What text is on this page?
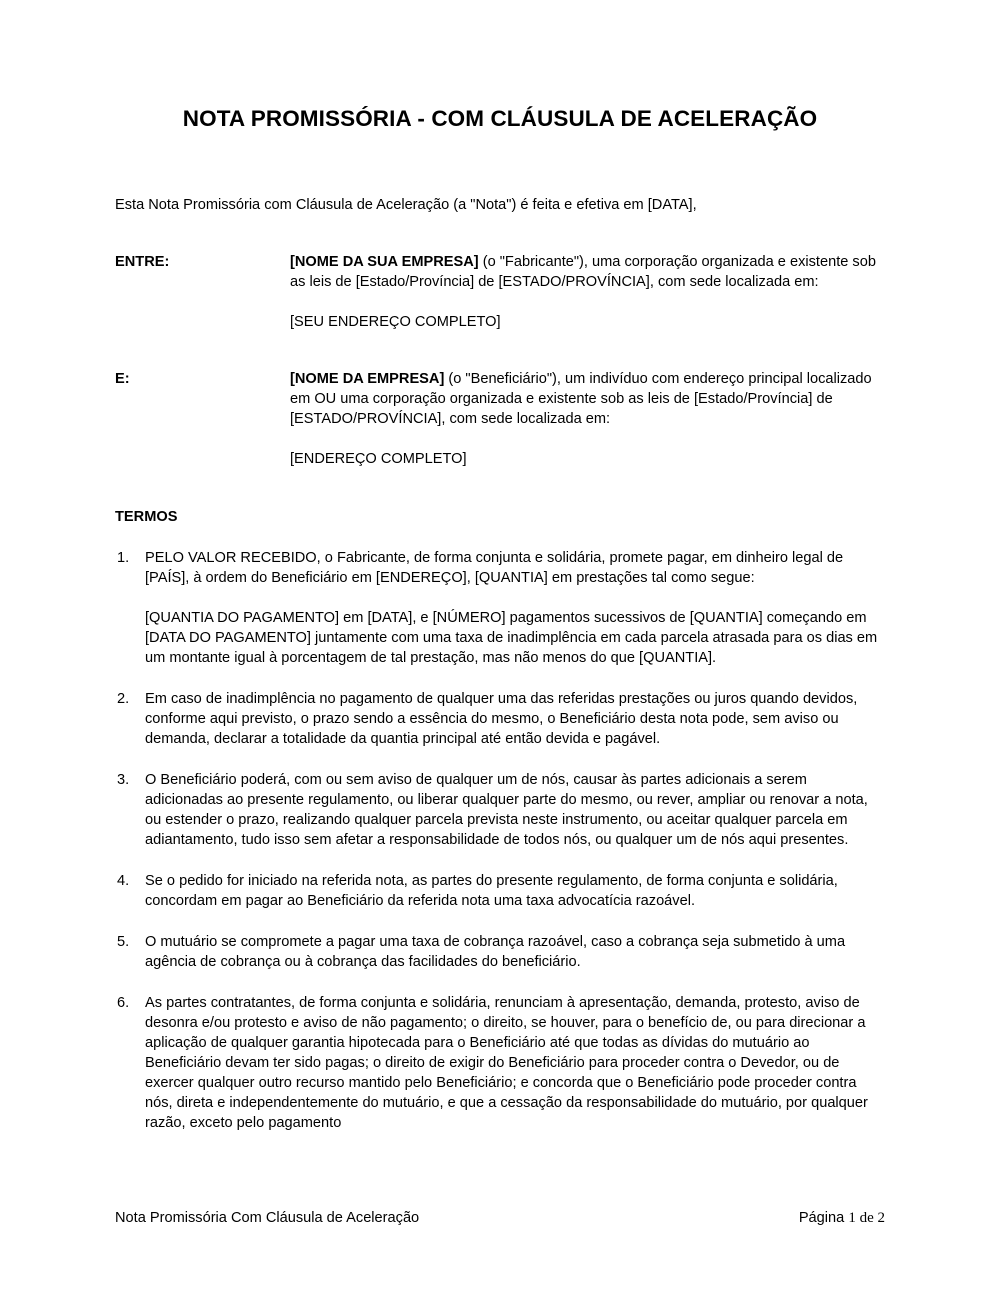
NOTA PROMISSÓRIA - COM CLÁUSULA DE ACELERAÇÃO

Esta Nota Promissória com Cláusula de Aceleração (a "Nota") é feita e efetiva em [DATA],

ENTRE:	[NOME DA SUA EMPRESA] (o "Fabricante"), uma corporação organizada e existente sob as leis de [Estado/Província] de [ESTADO/PROVÍNCIA], com sede localizada em:

[SEU ENDEREÇO COMPLETO]

E:	[NOME DA EMPRESA] (o "Beneficiário"), um indivíduo com endereço principal localizado em OU uma corporação organizada e existente sob as leis de [Estado/Província] de [ESTADO/PROVÍNCIA], com sede localizada em:

[ENDEREÇO COMPLETO]

TERMOS
1.	PELO VALOR RECEBIDO, o Fabricante, de forma conjunta e solidária, promete pagar, em dinheiro legal de [PAÍS], à ordem do Beneficiário em [ENDEREÇO], [QUANTIA] em prestações tal como segue:

[QUANTIA DO PAGAMENTO] em [DATA], e [NÚMERO] pagamentos sucessivos de [QUANTIA] começando em [DATA DO PAGAMENTO] juntamente com uma taxa de inadimplência em cada parcela atrasada para os dias em um montante igual à porcentagem de tal prestação, mas não menos do que [QUANTIA].

2.	Em caso de inadimplência no pagamento de qualquer uma das referidas prestações ou juros quando devidos, conforme aqui previsto, o prazo sendo a essência do mesmo, o Beneficiário desta nota pode, sem aviso ou demanda, declarar a totalidade da quantia principal até então devida e pagável.

3.	O Beneficiário poderá, com ou sem aviso de qualquer um de nós, causar às partes adicionais a serem adicionadas ao presente regulamento, ou liberar qualquer parte do mesmo, ou rever, ampliar ou renovar a nota, ou estender o prazo, realizando qualquer parcela prevista neste instrumento, ou aceitar qualquer parcela em adiantamento, tudo isso sem afetar a responsabilidade de todos nós, ou qualquer um de nós aqui presentes.

4.	Se o pedido for iniciado na referida nota, as partes do presente regulamento, de forma conjunta e solidária, concordam em pagar ao Beneficiário da referida nota uma taxa advocatícia razoável.

5.	O mutuário se compromete a pagar uma taxa de cobrança razoável, caso a cobrança seja submetido à uma agência de cobrança ou à cobrança das facilidades do beneficiário.

6.	As partes contratantes, de forma conjunta e solidária, renunciam à apresentação, demanda, protesto, aviso de desonra e/ou protesto e aviso de não pagamento; o direito, se houver, para o benefício de, ou para direcionar a aplicação de qualquer garantia hipotecada para o Beneficiário até que todas as dívidas do mutuário ao Beneficiário devam ter sido pagas; o direito de exigir do Beneficiário para proceder contra o Devedor, ou de exercer qualquer outro recurso mantido pelo Beneficiário; e concorda que o Beneficiário pode proceder contra nós, direta e independentemente do mutuário, e que a cessação da responsabilidade do mutuário, por qualquer razão, exceto pelo pagamento

Nota Promissória Com Cláusula de Aceleração	Página 1 de 2
